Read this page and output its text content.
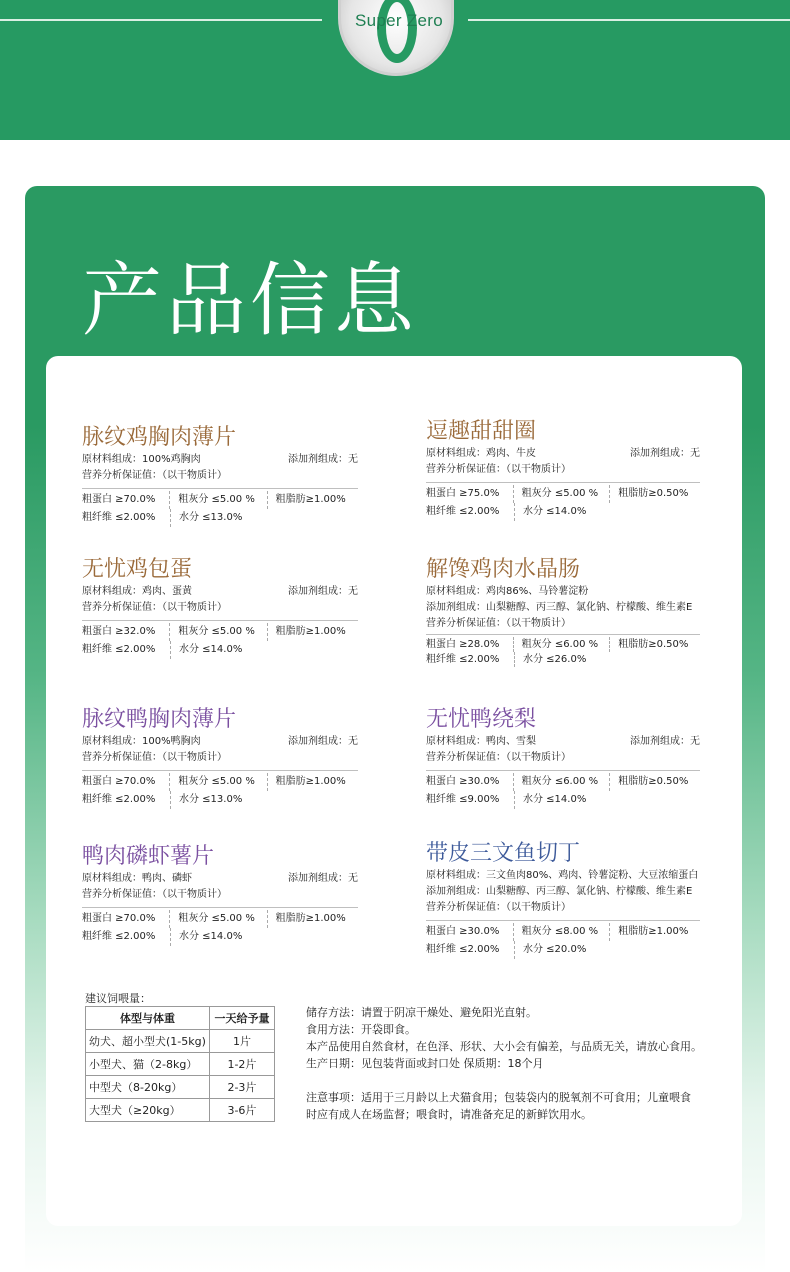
Super Zero
产品信息
脉纹鸡胸肉薄片
原材料组成：100%鸡胸肉	添加剂组成：无
营养分析保证值：（以干物质计）
粗蛋白 ≥70.0%	粗灰分 ≤5.00 %	粗脂肪≥1.00%
粗纤维 ≤2.00%	水分 ≤13.0%
逗趣甜甜圈
原材料组成：鸡肉、牛皮	添加剂组成：无
营养分析保证值：（以干物质计）
粗蛋白 ≥75.0%	粗灰分 ≤5.00 %	粗脂肪≥0.50%
粗纤维 ≤2.00%	水分 ≤14.0%
无忧鸡包蛋
原材料组成：鸡肉、蛋黄	添加剂组成：无
营养分析保证值：（以干物质计）
粗蛋白 ≥32.0%	粗灰分 ≤5.00 %	粗脂肪≥1.00%
粗纤维 ≤2.00%	水分 ≤14.0%
解馋鸡肉水晶肠
原材料组成：鸡肉86%、马铃薯淀粉
添加剂组成：山梨糖醇、丙三醇、氯化钠、柠檬酸、维生素E
营养分析保证值：（以干物质计）
粗蛋白 ≥28.0%	粗灰分 ≤6.00 %	粗脂肪≥0.50%
粗纤维 ≤2.00%	水分 ≤26.0%
脉纹鸭胸肉薄片
原材料组成：100%鸭胸肉	添加剂组成：无
营养分析保证值：（以干物质计）
粗蛋白 ≥70.0%	粗灰分 ≤5.00 %	粗脂肪≥1.00%
粗纤维 ≤2.00%	水分 ≤13.0%
无忧鸭绕梨
原材料组成：鸭肉、雪梨	添加剂组成：无
营养分析保证值：（以干物质计）
粗蛋白 ≥30.0%	粗灰分 ≤6.00 %	粗脂肪≥0.50%
粗纤维 ≤9.00%	水分 ≤14.0%
鸭肉磷虾薯片
原材料组成：鸭肉、磷虾	添加剂组成：无
营养分析保证值：（以干物质计）
粗蛋白 ≥70.0%	粗灰分 ≤5.00 %	粗脂肪≥1.00%
粗纤维 ≤2.00%	水分 ≤14.0%
带皮三文鱼切丁
原材料组成：三文鱼肉80%、鸡肉、铃薯淀粉、大豆浓缩蛋白
添加剂组成：山梨糖醇、丙三醇、氯化钠、柠檬酸、维生素E
营养分析保证值：（以干物质计）
粗蛋白 ≥30.0%	粗灰分 ≤8.00 %	粗脂肪≥1.00%
粗纤维 ≤2.00%	水分 ≤20.0%
建议饲喂量：
体型与体重	一天给予量
幼犬、超小型犬(1-5kg)	1片
小型犬、猫（2-8kg）	1-2片
中型犬（8-20kg）	2-3片
大型犬（≥20kg）	3-6片
储存方法：请置于阴凉干燥处、避免阳光直射。
食用方法：开袋即食。
本产品使用自然食材，在色泽、形状、大小会有偏差，与品质无关，请放心食用。
生产日期：见包装背面或封口处 保质期：18个月
注意事项：适用于三月龄以上犬猫食用；包装袋内的脱氧剂不可食用；儿童喂食时应有成人在场监督；喂食时，请准备充足的新鲜饮用水。
